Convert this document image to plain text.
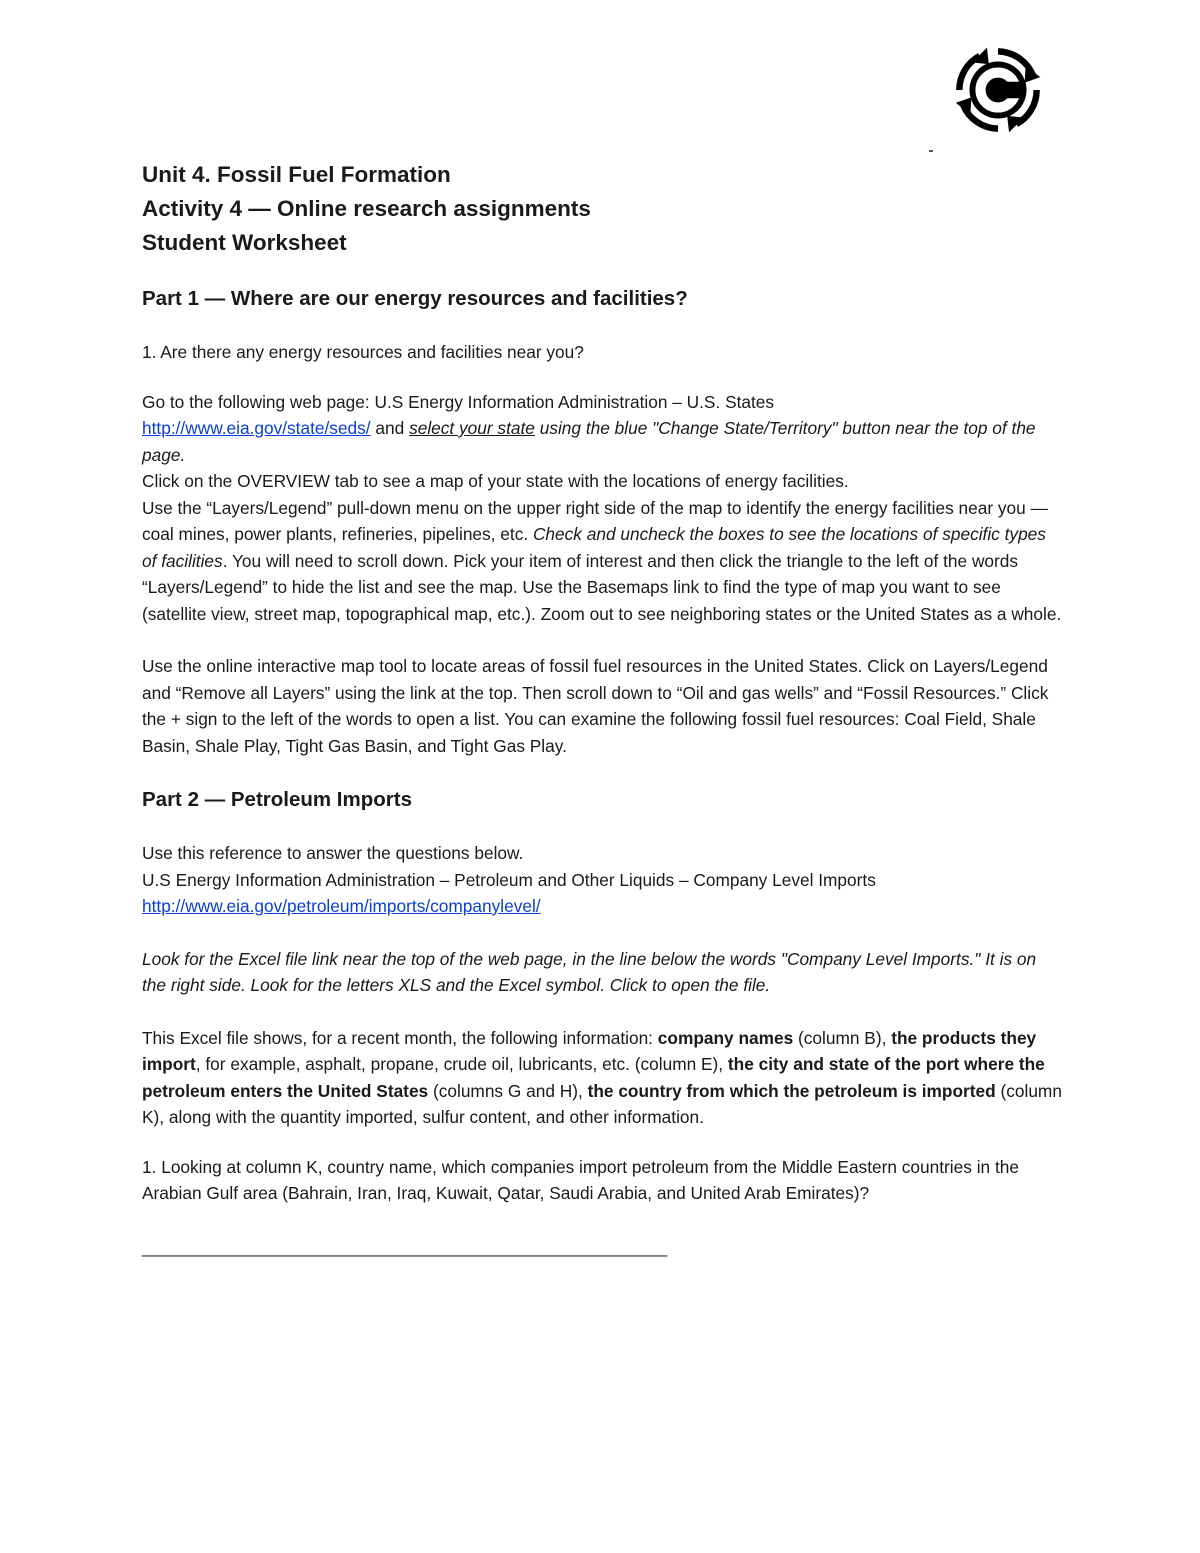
Unit 4. Fossil Fuel Formation

Activity 4 — Online research assignments

Student Worksheet

Part 1 — Where are our energy resources and facilities?

1. Are there any energy resources and facilities near you?

Go to the following web page: U.S Energy Information Administration – U.S. States
http://www.eia.gov/state/seds/ and select your state using the blue "Change State/Territory" button near the top of the page.

Click on the OVERVIEW tab to see a map of your state with the locations of energy facilities.

Use the “Layers/Legend” pull-down menu on the upper right side of the map to identify the energy facilities near you — coal mines, power plants, refineries, pipelines, etc. Check and uncheck the boxes to see the locations of specific types of facilities. You will need to scroll down. Pick your item of interest and then click the triangle to the left of the words “Layers/Legend” to hide the list and see the map. Use the Basemaps link to find the type of map you want to see (satellite view, street map, topographical map, etc.). Zoom out to see neighboring states or the United States as a whole.

Use the online interactive map tool to locate areas of fossil fuel resources in the United States. Click on Layers/Legend and “Remove all Layers” using the link at the top. Then scroll down to “Oil and gas wells” and “Fossil Resources.” Click the + sign to the left of the words to open a list. You can examine the following fossil fuel resources: Coal Field, Shale Basin, Shale Play, Tight Gas Basin, and Tight Gas Play.

Part 2 — Petroleum Imports

Use this reference to answer the questions below.
U.S Energy Information Administration – Petroleum and Other Liquids – Company Level Imports
http://www.eia.gov/petroleum/imports/companylevel/

Look for the Excel file link near the top of the web page, in the line below the words "Company Level Imports." It is on the right side. Look for the letters XLS and the Excel symbol. Click to open the file.

This Excel file shows, for a recent month, the following information: company names (column B), the products they import, for example, asphalt, propane, crude oil, lubricants, etc. (column E), the city and state of the port where the petroleum enters the United States (columns G and H), the country from which the petroleum is imported (column K), along with the quantity imported, sulfur content, and other information.

1. Looking at column K, country name, which companies import petroleum from the Middle Eastern countries in the Arabian Gulf area (Bahrain, Iran, Iraq, Kuwait, Qatar, Saudi Arabia, and United Arab Emirates)?

______________________________________________________________
